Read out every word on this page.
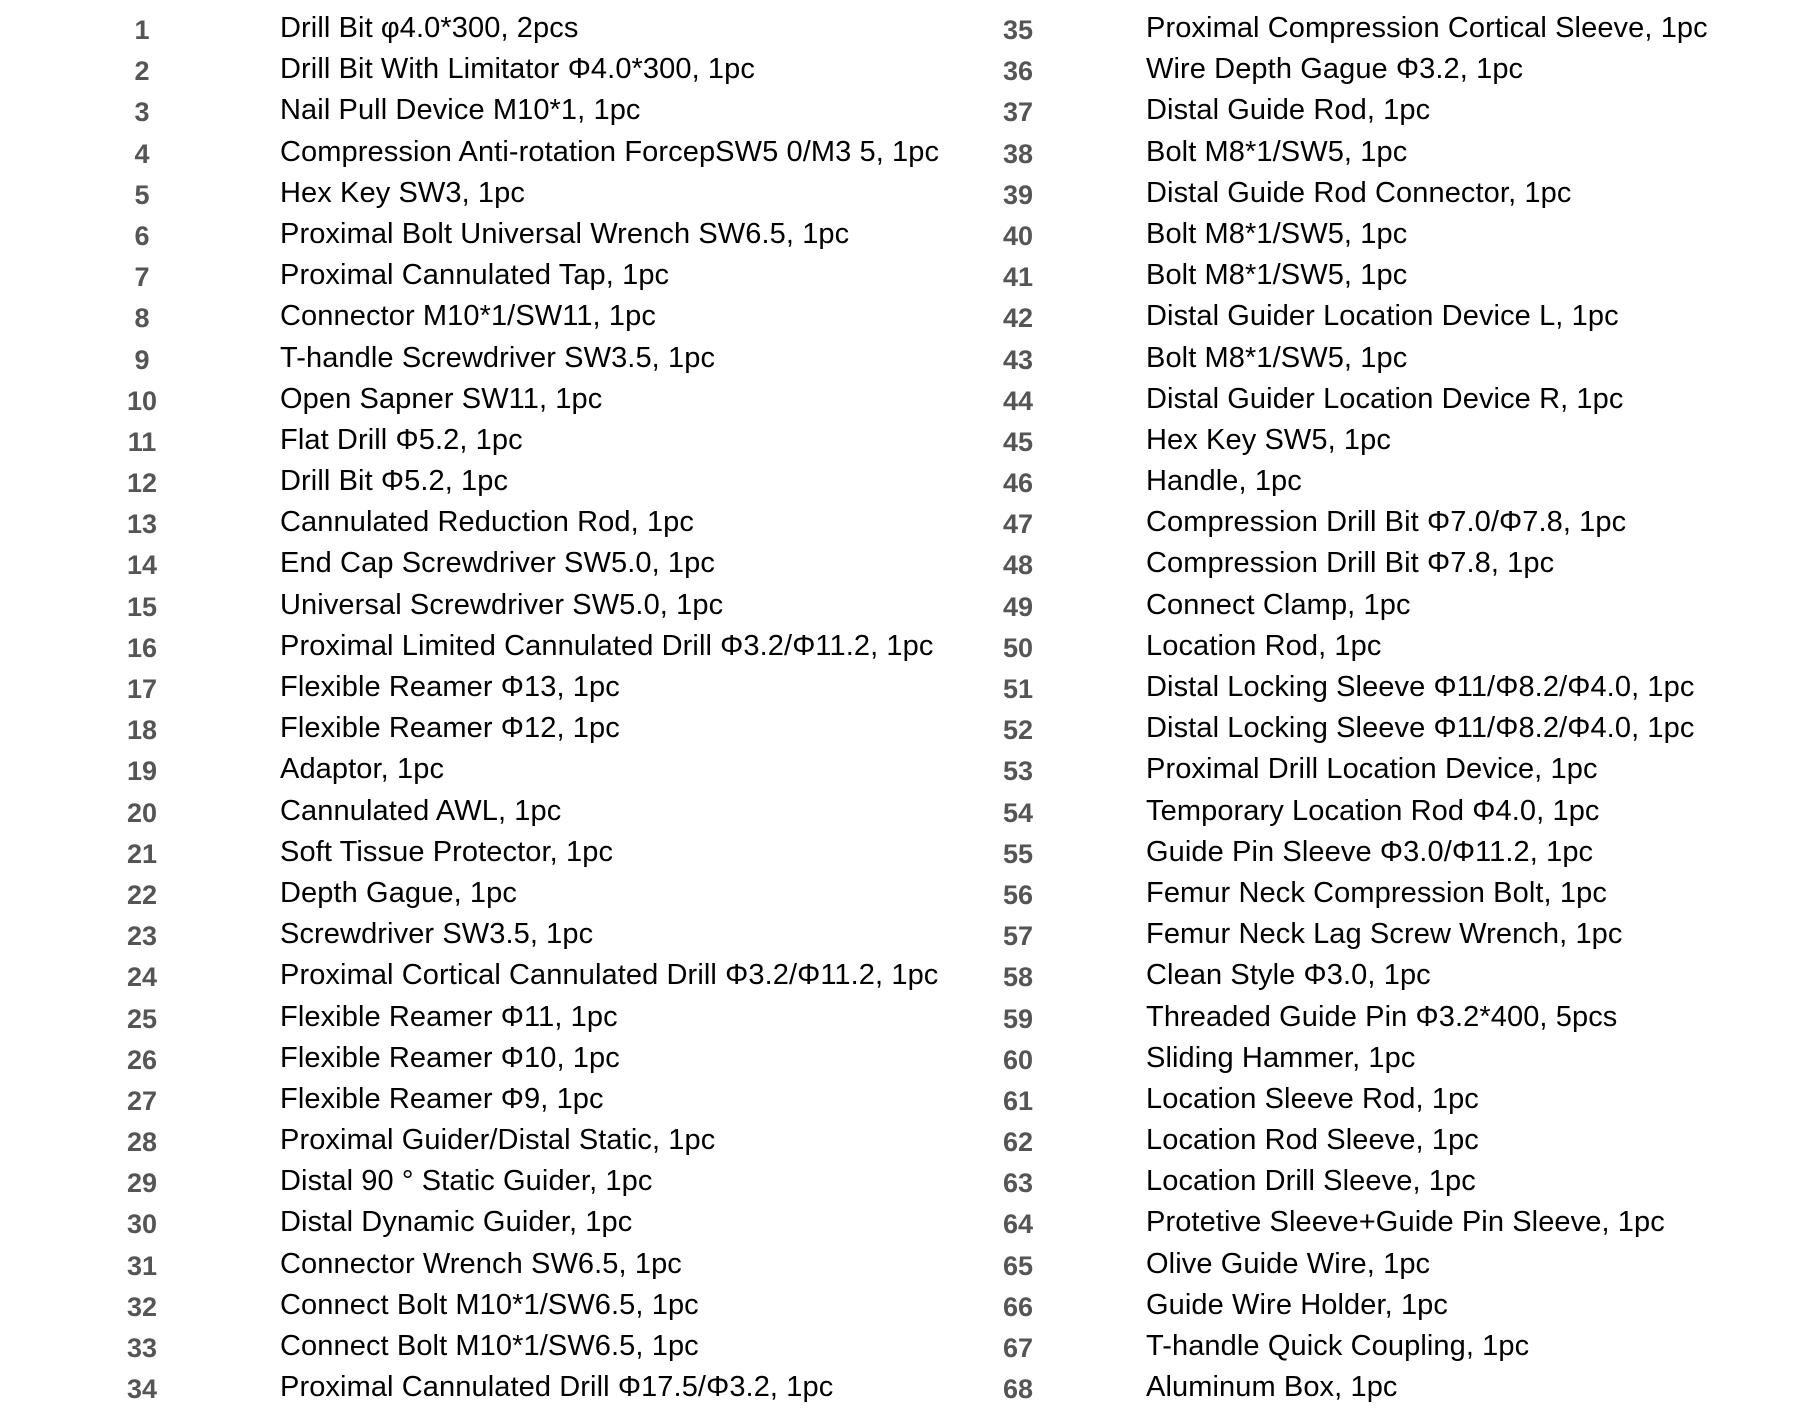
1	Drill Bit φ4.0*300, 2pcs
2	Drill Bit With Limitator Φ4.0*300, 1pc
3	Nail Pull Device M10*1, 1pc
4	Compression Anti-rotation ForcepSW5 0/M3 5, 1pc
5	Hex Key SW3, 1pc
6	Proximal Bolt Universal Wrench SW6.5, 1pc
7	Proximal Cannulated Tap, 1pc
8	Connector M10*1/SW11, 1pc
9	T-handle Screwdriver SW3.5, 1pc
10	Open Sapner SW11, 1pc
11	Flat Drill Φ5.2, 1pc
12	Drill Bit Φ5.2, 1pc
13	Cannulated Reduction Rod, 1pc
14	End Cap Screwdriver SW5.0, 1pc
15	Universal Screwdriver SW5.0, 1pc
16	Proximal Limited Cannulated Drill Φ3.2/Φ11.2, 1pc
17	Flexible Reamer Φ13, 1pc
18	Flexible Reamer Φ12, 1pc
19	Adaptor, 1pc
20	Cannulated AWL, 1pc
21	Soft Tissue Protector, 1pc
22	Depth Gague, 1pc
23	Screwdriver SW3.5, 1pc
24	Proximal Cortical Cannulated Drill Φ3.2/Φ11.2, 1pc
25	Flexible Reamer Φ11, 1pc
26	Flexible Reamer Φ10, 1pc
27	Flexible Reamer Φ9, 1pc
28	Proximal Guider/Distal Static, 1pc
29	Distal 90 ° Static Guider, 1pc
30	Distal Dynamic Guider, 1pc
31	Connector Wrench SW6.5, 1pc
32	Connect Bolt M10*1/SW6.5, 1pc
33	Connect Bolt M10*1/SW6.5, 1pc
34	Proximal Cannulated Drill Φ17.5/Φ3.2, 1pc
35	Proximal Compression Cortical Sleeve, 1pc
36	Wire Depth Gague Φ3.2, 1pc
37	Distal Guide Rod, 1pc
38	Bolt M8*1/SW5, 1pc
39	Distal Guide Rod Connector, 1pc
40	Bolt M8*1/SW5, 1pc
41	Bolt M8*1/SW5, 1pc
42	Distal Guider Location Device L, 1pc
43	Bolt M8*1/SW5, 1pc
44	Distal Guider Location Device R, 1pc
45	Hex Key SW5, 1pc
46	Handle, 1pc
47	Compression Drill Bit Φ7.0/Φ7.8, 1pc
48	Compression Drill Bit Φ7.8, 1pc
49	Connect Clamp, 1pc
50	Location Rod, 1pc
51	Distal Locking Sleeve Φ11/Φ8.2/Φ4.0, 1pc
52	Distal Locking Sleeve Φ11/Φ8.2/Φ4.0, 1pc
53	Proximal Drill Location Device, 1pc
54	Temporary Location Rod Φ4.0, 1pc
55	Guide Pin Sleeve Φ3.0/Φ11.2, 1pc
56	Femur Neck Compression Bolt, 1pc
57	Femur Neck Lag Screw Wrench, 1pc
58	Clean Style Φ3.0, 1pc
59	Threaded Guide Pin Φ3.2*400, 5pcs
60	Sliding Hammer, 1pc
61	Location Sleeve Rod, 1pc
62	Location Rod Sleeve, 1pc
63	Location Drill Sleeve, 1pc
64	Protetive Sleeve+Guide Pin Sleeve, 1pc
65	Olive Guide Wire, 1pc
66	Guide Wire Holder, 1pc
67	T-handle Quick Coupling, 1pc
68	Aluminum Box, 1pc
